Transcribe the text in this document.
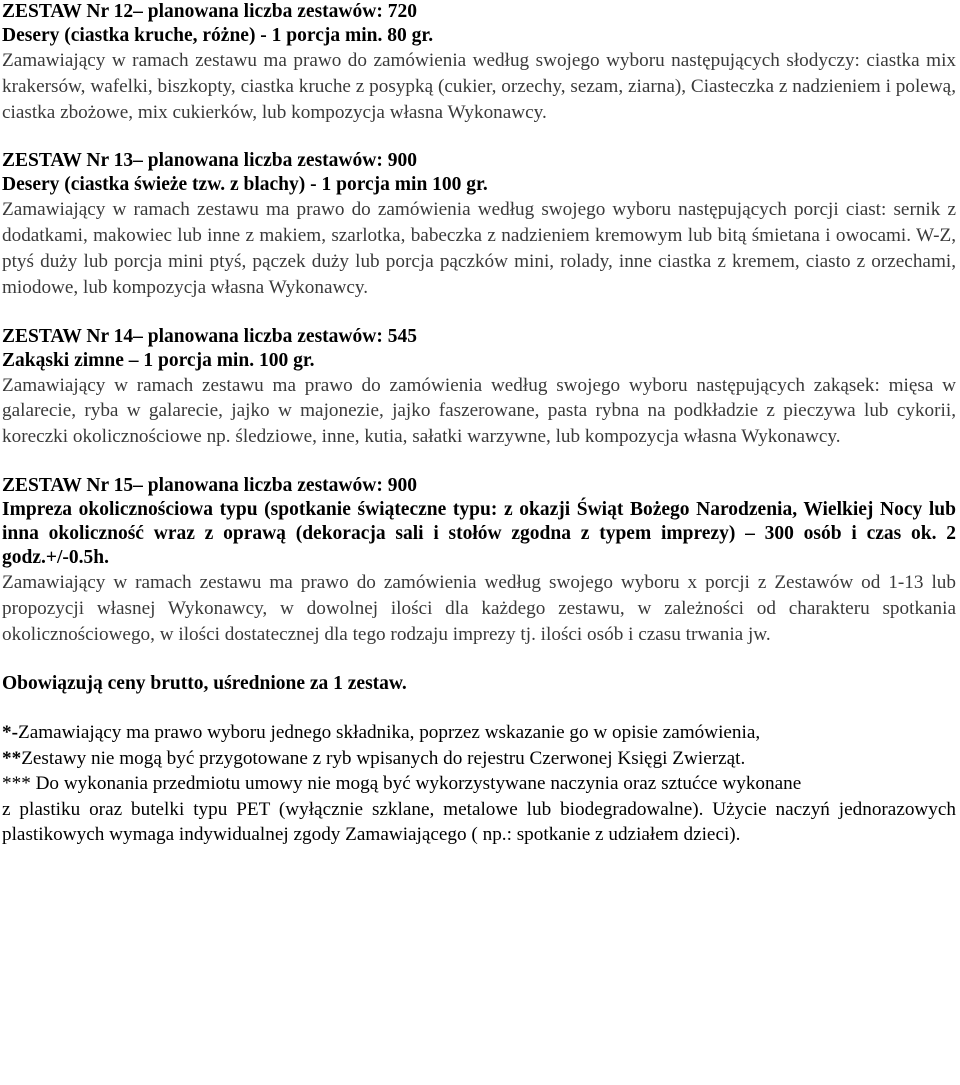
ZESTAW Nr 12– planowana liczba zestawów: 720

Desery (ciastka kruche, różne) - 1 porcja min. 80 gr.

Zamawiający w ramach zestawu ma prawo do zamówienia według swojego wyboru następujących słodyczy: ciastka mix krakersów, wafelki, biszkopty, ciastka kruche z posypką (cukier, orzechy, sezam, ziarna), Ciasteczka z nadzieniem i polewą, ciastka zbożowe, mix cukierków, lub kompozycja własna Wykonawcy.

ZESTAW Nr 13– planowana liczba zestawów: 900

Desery (ciastka świeże tzw. z blachy) - 1 porcja min 100 gr.

Zamawiający w ramach zestawu ma prawo do zamówienia według swojego wyboru następujących porcji ciast: sernik z dodatkami, makowiec lub inne z makiem, szarlotka, babeczka z nadzieniem kremowym lub bitą śmietana i owocami. W-Z, ptyś duży lub porcja mini ptyś, pączek duży lub porcja pączków mini, rolady, inne ciastka z kremem, ciasto z orzechami, miodowe, lub kompozycja własna Wykonawcy.

ZESTAW Nr 14– planowana liczba zestawów: 545

Zakąski zimne – 1 porcja min. 100 gr.

Zamawiający w ramach zestawu ma prawo do zamówienia według swojego wyboru następujących zakąsek: mięsa w galarecie, ryba w galarecie, jajko w majonezie, jajko faszerowane, pasta rybna na podkładzie z pieczywa lub cykorii, koreczki okolicznościowe np. śledziowe, inne, kutia, sałatki warzywne, lub kompozycja własna Wykonawcy.

ZESTAW Nr 15– planowana liczba zestawów: 900

Impreza okolicznościowa typu (spotkanie świąteczne typu: z okazji Świąt Bożego Narodzenia, Wielkiej Nocy lub inna okoliczność wraz z oprawą (dekoracja sali i stołów zgodna z typem imprezy) – 300 osób i czas ok. 2 godz.+/-0.5h.

Zamawiający w ramach zestawu ma prawo do zamówienia według swojego wyboru x porcji z Zestawów od 1-13 lub propozycji własnej Wykonawcy, w dowolnej ilości dla każdego zestawu, w zależności od charakteru spotkania okolicznościowego, w ilości dostatecznej dla tego rodzaju imprezy tj. ilości osób i czasu trwania jw.

Obowiązują ceny brutto, uśrednione za 1 zestaw.

*-Zamawiający ma prawo wyboru jednego składnika, poprzez wskazanie go w opisie zamówienia,

**Zestawy nie mogą być przygotowane z ryb wpisanych do rejestru Czerwonej Księgi Zwierząt.

*** Do wykonania przedmiotu umowy nie mogą być wykorzystywane naczynia oraz sztućce wykonane

z plastiku oraz butelki typu PET (wyłącznie szklane, metalowe lub biodegradowalne). Użycie naczyń jednorazowych plastikowych wymaga indywidualnej zgody Zamawiającego ( np.: spotkanie z udziałem dzieci).
